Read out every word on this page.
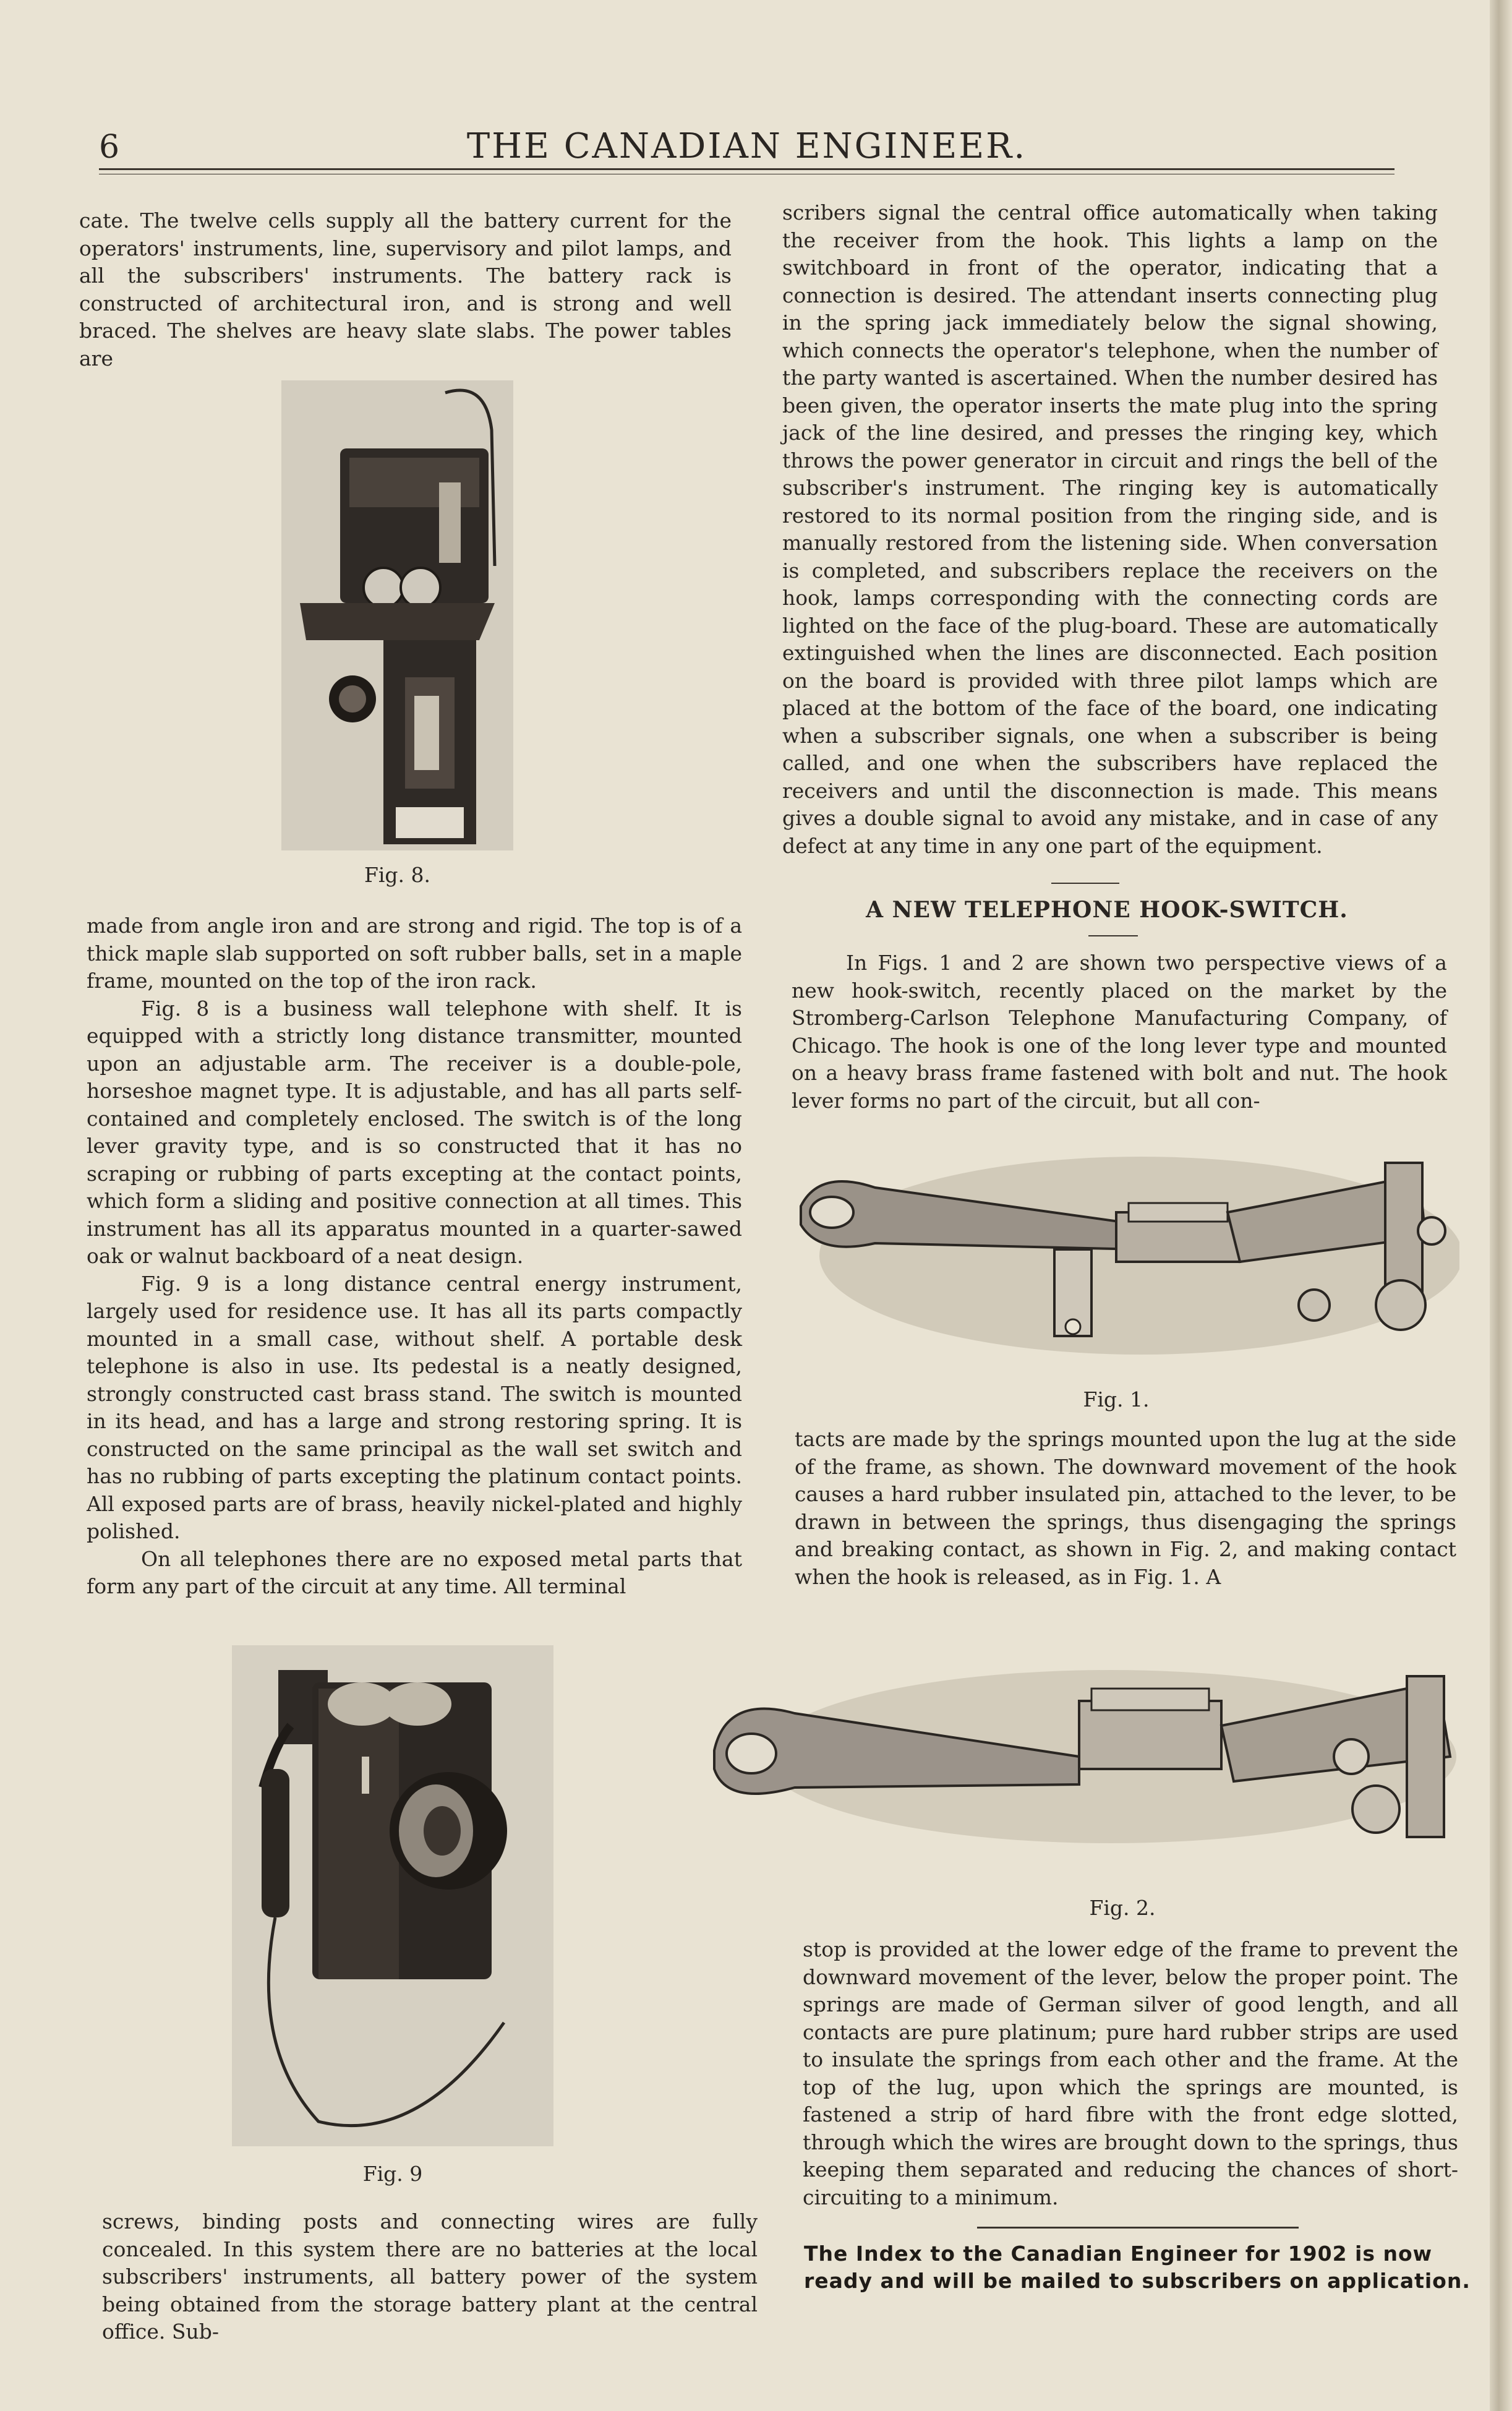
6	THE CANADIAN ENGINEER.

cate. The twelve cells supply all the battery current for the operators' instruments, line, supervisory and pilot lamps, and all the subscribers' instruments. The battery rack is constructed of architectural iron, and is strong and well braced. The shelves are heavy slate slabs. The power tables are

Fig. 8.

made from angle iron and are strong and rigid. The top is of a thick maple slab supported on soft rubber balls, set in a maple frame, mounted on the top of the iron rack.

Fig. 8 is a business wall telephone with shelf. It is equipped with a strictly long distance transmitter, mounted upon an adjustable arm. The receiver is a double-pole, horseshoe magnet type. It is adjustable, and has all parts self-contained and completely enclosed. The switch is of the long lever gravity type, and is so constructed that it has no scraping or rubbing of parts excepting at the contact points, which form a sliding and positive connection at all times. This instrument has all its apparatus mounted in a quarter-sawed oak or walnut backboard of a neat design.

Fig. 9 is a long distance central energy instrument, largely used for residence use. It has all its parts compactly mounted in a small case, without shelf. A portable desk telephone is also in use. Its pedestal is a neatly designed, strongly constructed cast brass stand. The switch is mounted in its head, and has a large and strong restoring spring. It is constructed on the same principal as the wall set switch and has no rubbing of parts excepting the platinum contact points. All exposed parts are of brass, heavily nickel-plated and highly polished.

On all telephones there are no exposed metal parts that form any part of the circuit at any time. All terminal

Fig. 9

screws, binding posts and connecting wires are fully concealed. In this system there are no batteries at the local subscribers' instruments, all battery power of the system being obtained from the storage battery plant at the central office. Sub-

scribers signal the central office automatically when taking the receiver from the hook. This lights a lamp on the switchboard in front of the operator, indicating that a connection is desired. The attendant inserts connecting plug in the spring jack immediately below the signal showing, which connects the operator's telephone, when the number of the party wanted is ascertained. When the number desired has been given, the operator inserts the mate plug into the spring jack of the line desired, and presses the ringing key, which throws the power generator in circuit and rings the bell of the subscriber's instrument. The ringing key is automatically restored to its normal position from the ringing side, and is manually restored from the listening side. When conversation is completed, and subscribers replace the receivers on the hook, lamps corresponding with the connecting cords are lighted on the face of the plug-board. These are automatically extinguished when the lines are disconnected. Each position on the board is provided with three pilot lamps which are placed at the bottom of the face of the board, one indicating when a subscriber signals, one when a subscriber is being called, and one when the subscribers have replaced the receivers and until the disconnection is made. This means gives a double signal to avoid any mistake, and in case of any defect at any time in any one part of the equipment.

A NEW TELEPHONE HOOK-SWITCH.

In Figs. 1 and 2 are shown two perspective views of a new hook-switch, recently placed on the market by the Stromberg-Carlson Telephone Manufacturing Company, of Chicago. The hook is one of the long lever type and mounted on a heavy brass frame fastened with bolt and nut. The hook lever forms no part of the circuit, but all con-

Fig. 1.

tacts are made by the springs mounted upon the lug at the side of the frame, as shown. The downward movement of the hook causes a hard rubber insulated pin, attached to the lever, to be drawn in between the springs, thus disengaging the springs and breaking contact, as shown in Fig. 2, and making contact when the hook is released, as in Fig. 1. A

Fig. 2.

stop is provided at the lower edge of the frame to prevent the downward movement of the lever, below the proper point. The springs are made of German silver of good length, and all contacts are pure platinum; pure hard rubber strips are used to insulate the springs from each other and the frame. At the top of the lug, upon which the springs are mounted, is fastened a strip of hard fibre with the front edge slotted, through which the wires are brought down to the springs, thus keeping them separated and reducing the chances of short-circuiting to a minimum.

The Index to the Canadian Engineer for 1902 is now ready and will be mailed to subscribers on application.
